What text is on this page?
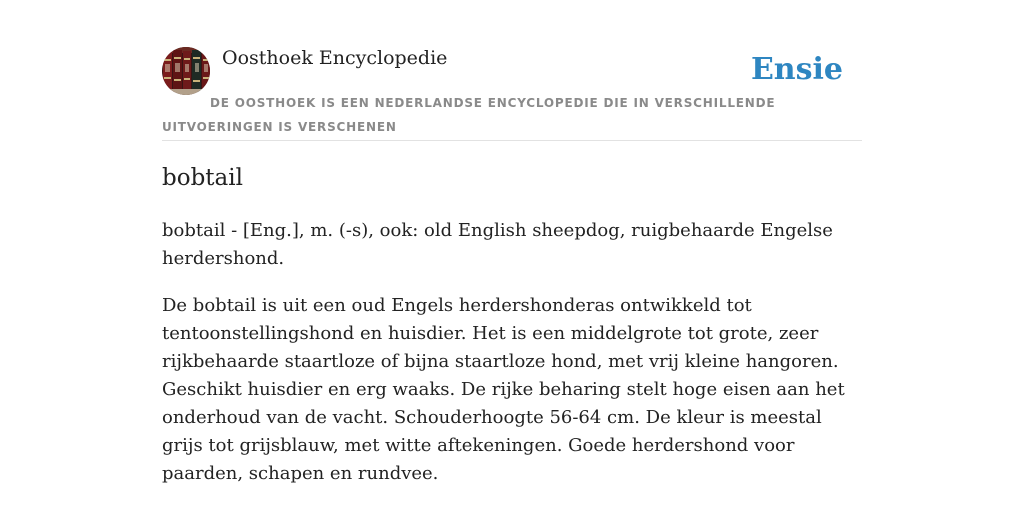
Oosthoek Encyclopedie	Ensie
DE OOSTHOEK IS EEN NEDERLANDSE ENCYCLOPEDIE DIE IN VERSCHILLENDE UITVOERINGEN IS VERSCHENEN
bobtail

bobtail - [Eng.], m. (-s), ook: old English sheepdog, ruigbehaarde Engelse herdershond.

De bobtail is uit een oud Engels herdershonderas ontwikkeld tot tentoonstellingshond en huisdier. Het is een middelgrote tot grote, zeer rijkbehaarde staartloze of bijna staartloze hond, met vrij kleine hangoren. Geschikt huisdier en erg waaks. De rijke beharing stelt hoge eisen aan het onderhoud van de vacht. Schouderhoogte 56-64 cm. De kleur is meestal grijs tot grijsblauw, met witte aftekeningen. Goede herdershond voor paarden, schapen en rundvee.
